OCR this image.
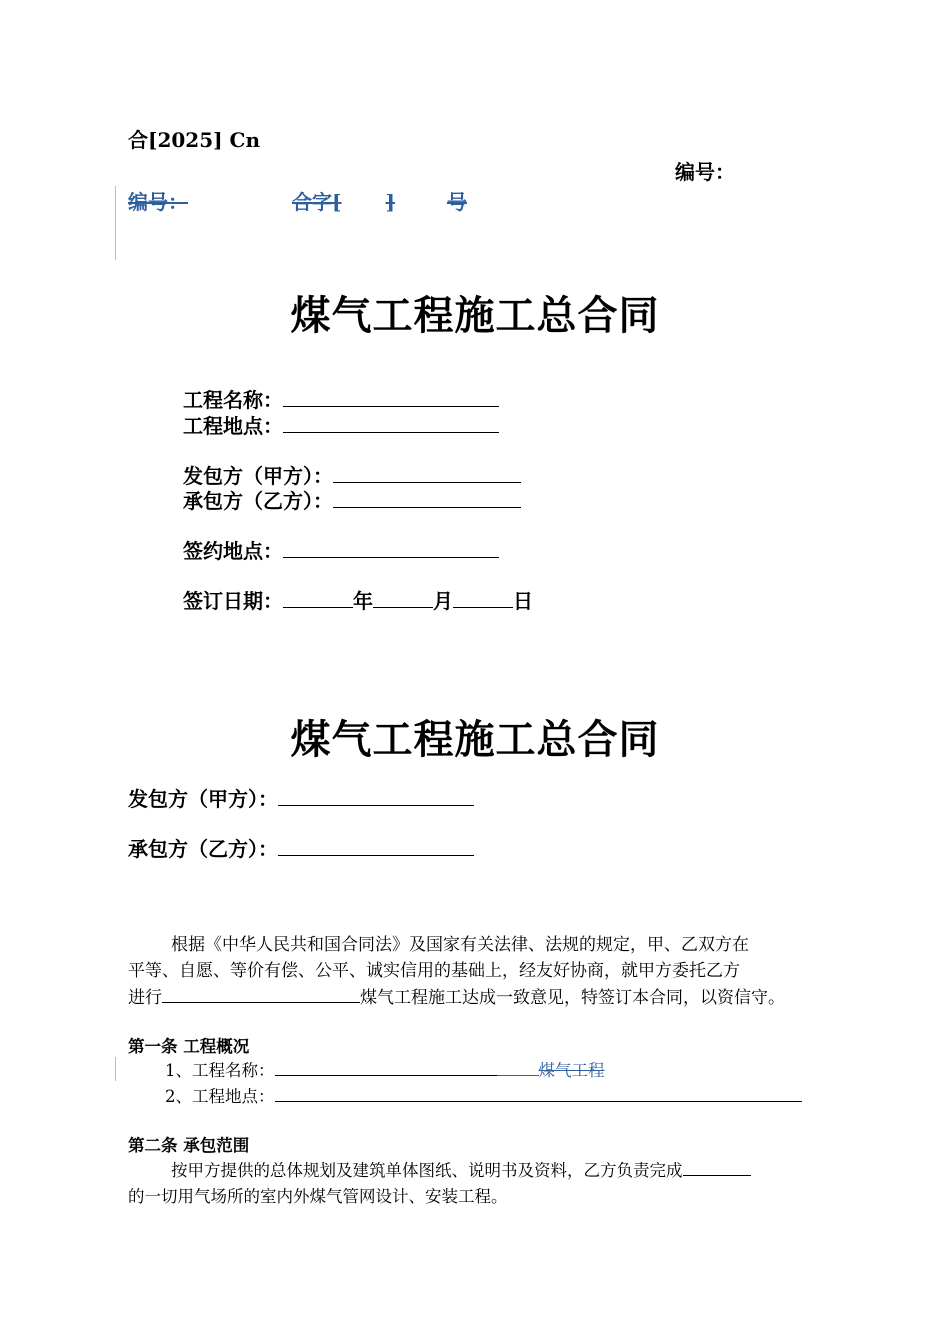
合[2025] Cn
编号：
编号：	合字[ ]	号
煤气工程施工总合同
工程名称：
工程地点：
发包方（甲方）：
承包方（乙方）：
签约地点：
签订日期：	年	月	日
煤气工程施工总合同
发包方（甲方）：
承包方（乙方）：
根据《中华人民共和国合同法》及国家有关法律、法规的规定，甲、乙双方在
平等、自愿、等价有偿、公平、诚实信用的基础上，经友好协商，就甲方委托乙方
进行	煤气工程施工达成一致意见，特签订本合同，以资信守。
第一条 工程概况
1、工程名称：	煤气工程
2、工程地点：
第二条 承包范围
按甲方提供的总体规划及建筑单体图纸、说明书及资料，乙方负责完成
的一切用气场所的室内外煤气管网设计、安装工程。
